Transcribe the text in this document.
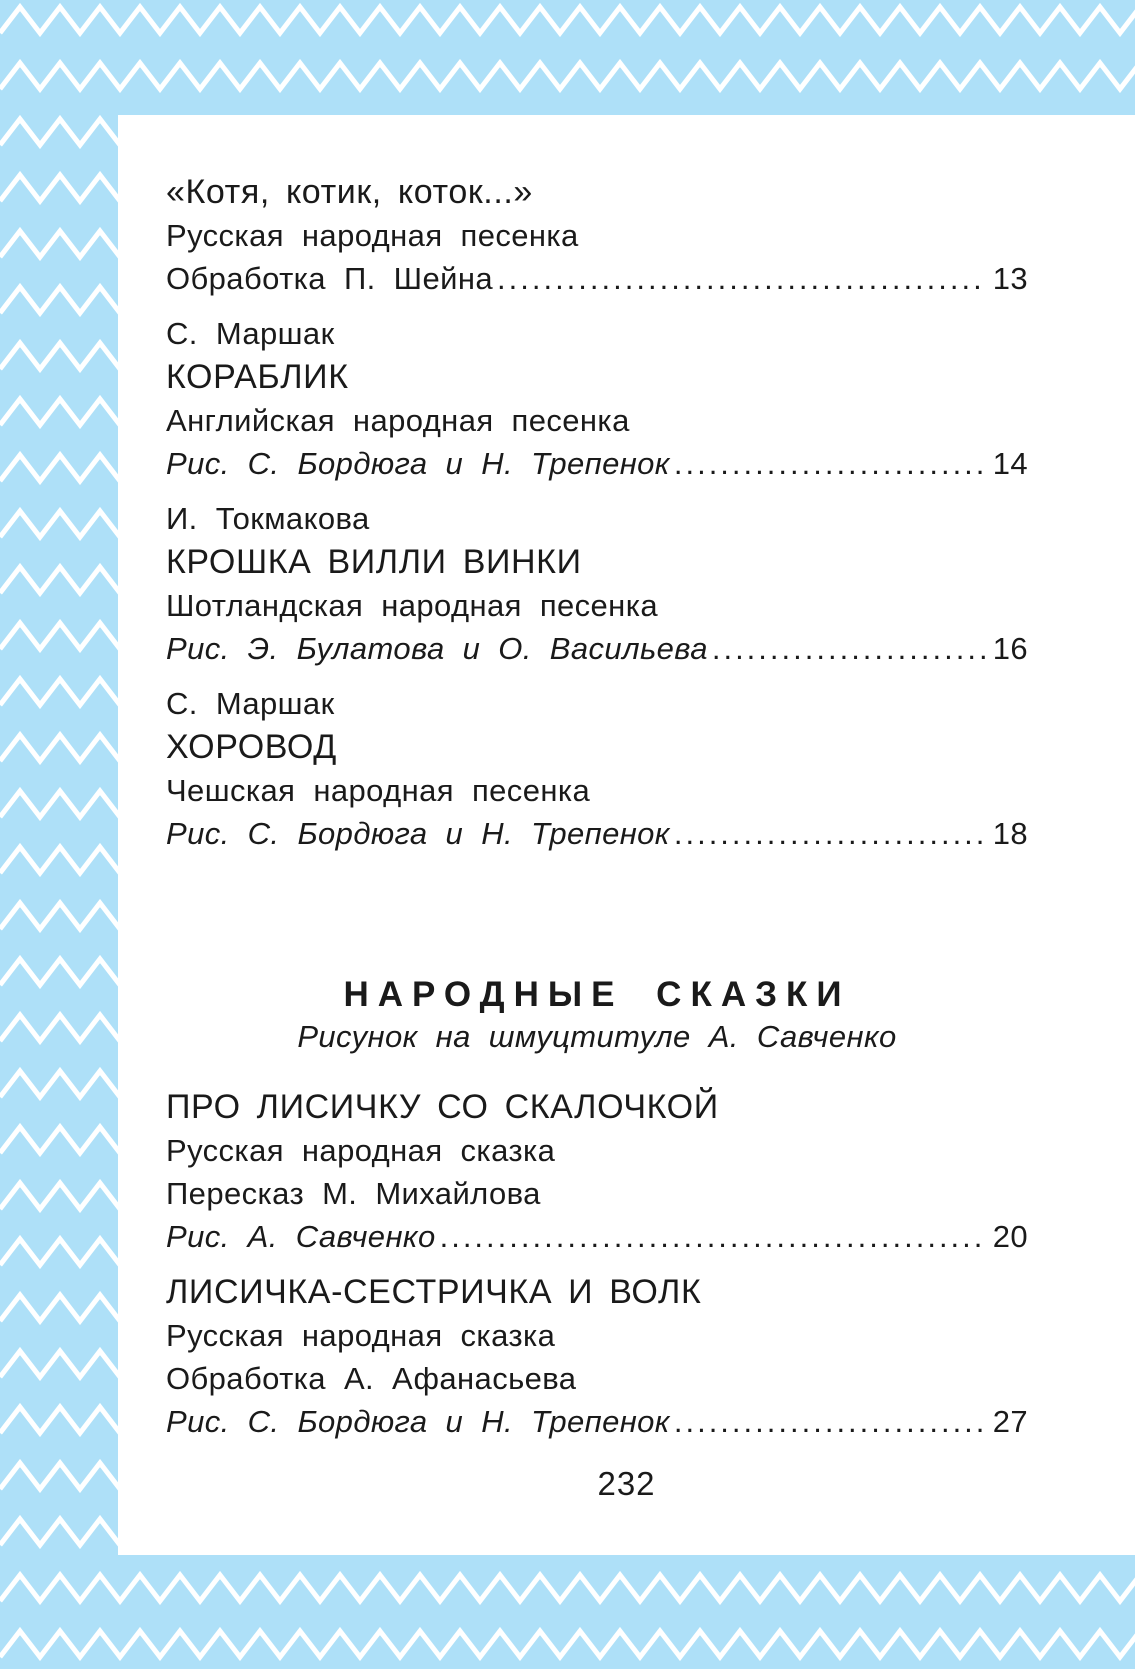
«Котя, котик, коток...»
Русская народная песенка
Обработка П. Шейна .....	13
С. Маршак
КОРАБЛИК
Английская народная песенка
Рис. С. Бордюга и Н. Трепенок .....	14
И. Токмакова
КРОШКА ВИЛЛИ ВИНКИ
Шотландская народная песенка
Рис. Э. Булатова и О. Васильева .....	16
С. Маршак
ХОРОВОД
Чешская народная песенка
Рис. С. Бордюга и Н. Трепенок .....	18
НАРОДНЫЕ СКАЗКИ
Рисунок на шмуцтитуле А. Савченко
ПРО ЛИСИЧКУ СО СКАЛОЧКОЙ
Русская народная сказка
Пересказ М. Михайлова
Рис. А. Савченко .....	20
ЛИСИЧКА-СЕСТРИЧКА И ВОЛК
Русская народная сказка
Обработка А. Афанасьева
Рис. С. Бордюга и Н. Трепенок .....	27
232
